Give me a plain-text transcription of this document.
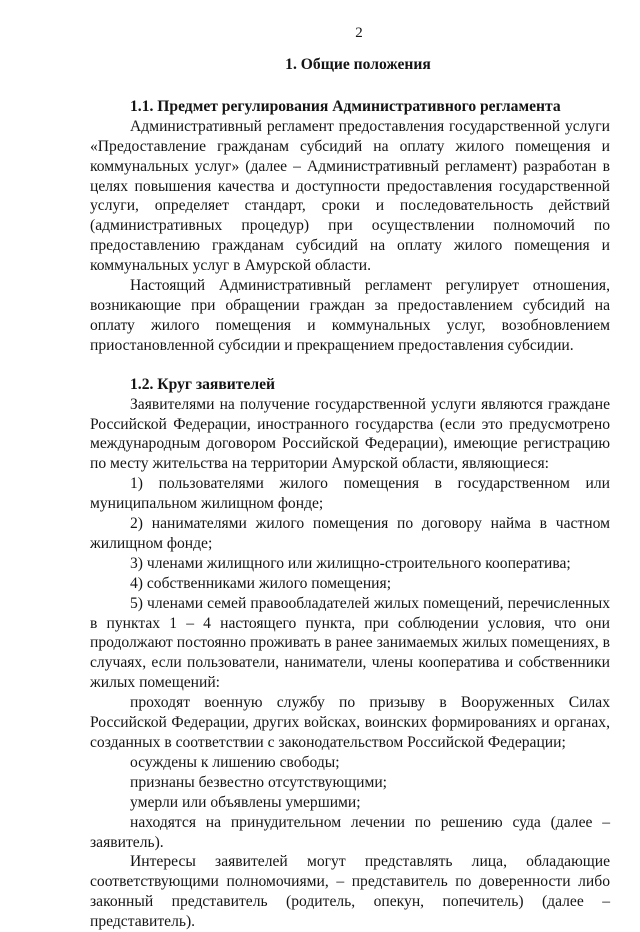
2
1. Общие положения
1.1. Предмет регулирования Административного регламента

Административный регламент предоставления государственной услуги «Предоставление гражданам субсидий на оплату жилого помещения и коммунальных услуг» (далее – Административный регламент) разработан в целях повышения качества и доступности предоставления государственной услуги, определяет стандарт, сроки и последовательность действий (административных процедур) при осуществлении полномочий по предоставлению гражданам субсидий на оплату жилого помещения и коммунальных услуг в Амурской области.

Настоящий Административный регламент регулирует отношения, возникающие при обращении граждан за предоставлением субсидий на оплату жилого помещения и коммунальных услуг, возобновлением приостановленной субсидии и прекращением предоставления субсидии.

1.2. Круг заявителей

Заявителями на получение государственной услуги являются граждане Российской Федерации, иностранного государства (если это предусмотрено международным договором Российской Федерации), имеющие регистрацию по месту жительства на территории Амурской области, являющиеся:

1) пользователями жилого помещения в государственном или муниципальном жилищном фонде;

2) нанимателями жилого помещения по договору найма в частном жилищном фонде;

3) членами жилищного или жилищно-строительного кооператива;

4) собственниками жилого помещения;

5) членами семей правообладателей жилых помещений, перечисленных в пунктах 1 – 4 настоящего пункта, при соблюдении условия, что они продолжают постоянно проживать в ранее занимаемых жилых помещениях, в случаях, если пользователи, наниматели, члены кооператива и собственники жилых помещений:

проходят военную службу по призыву в Вооруженных Силах Российской Федерации, других войсках, воинских формированиях и органах, созданных в соответствии с законодательством Российской Федерации;

осуждены к лишению свободы;

признаны безвестно отсутствующими;

умерли или объявлены умершими;

находятся на принудительном лечении по решению суда (далее – заявитель).

Интересы заявителей могут представлять лица, обладающие соответствующими полномочиями, – представитель по доверенности либо законный представитель (родитель, опекун, попечитель) (далее – представитель).
